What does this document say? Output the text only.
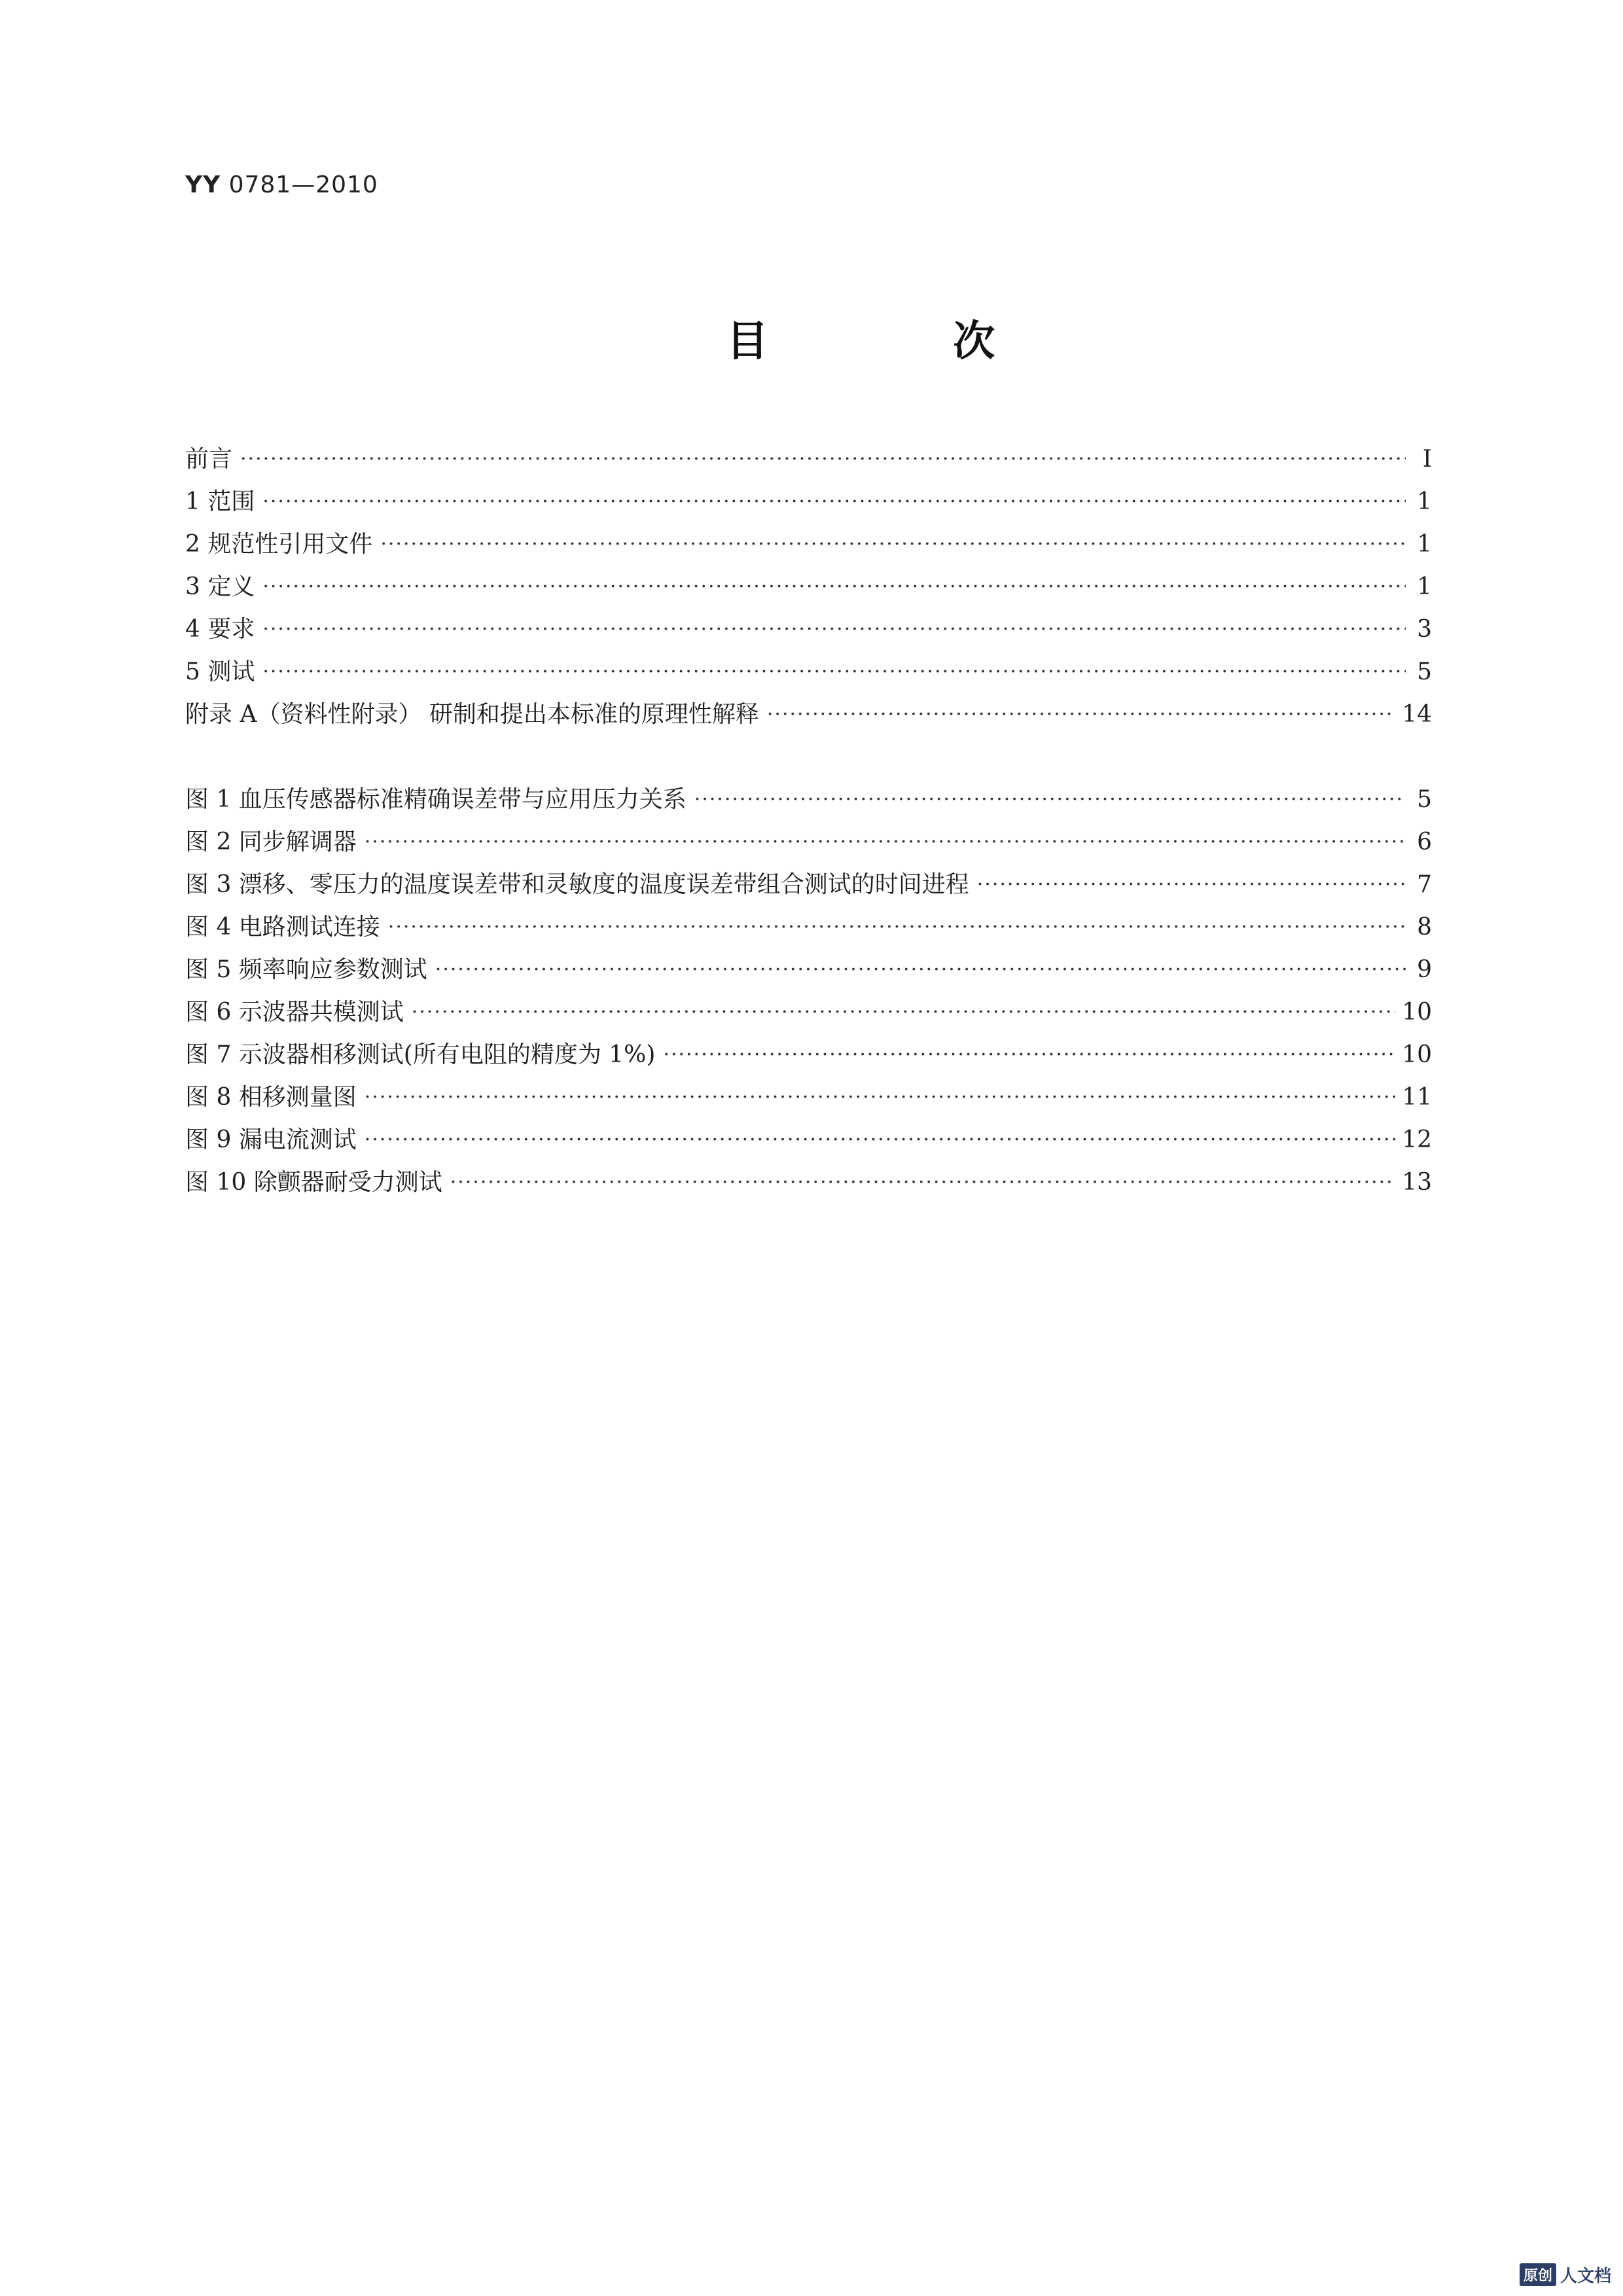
YY 0781—2010
目 次
前言 ·····	Ⅰ
1 范围 ·····	1
2 规范性引用文件 ·····	1
3 定义 ·····	1
4 要求 ·····	3
5 测试 ·····	5
附录 A（资料性附录） 研制和提出本标准的原理性解释 ·····	14
图 1 血压传感器标准精确误差带与应用压力关系 ·····	5
图 2 同步解调器 ·····	6
图 3 漂移、零压力的温度误差带和灵敏度的温度误差带组合测试的时间进程 ·····	7
图 4 电路测试连接 ·····	8
图 5 频率响应参数测试 ·····	9
图 6 示波器共模测试 ·····	10
图 7 示波器相移测试(所有电阻的精度为 1%) ·····	10
图 8 相移测量图 ·····	11
图 9 漏电流测试 ·····	12
图 10 除颤器耐受力测试 ·····	13
原创 人文档
